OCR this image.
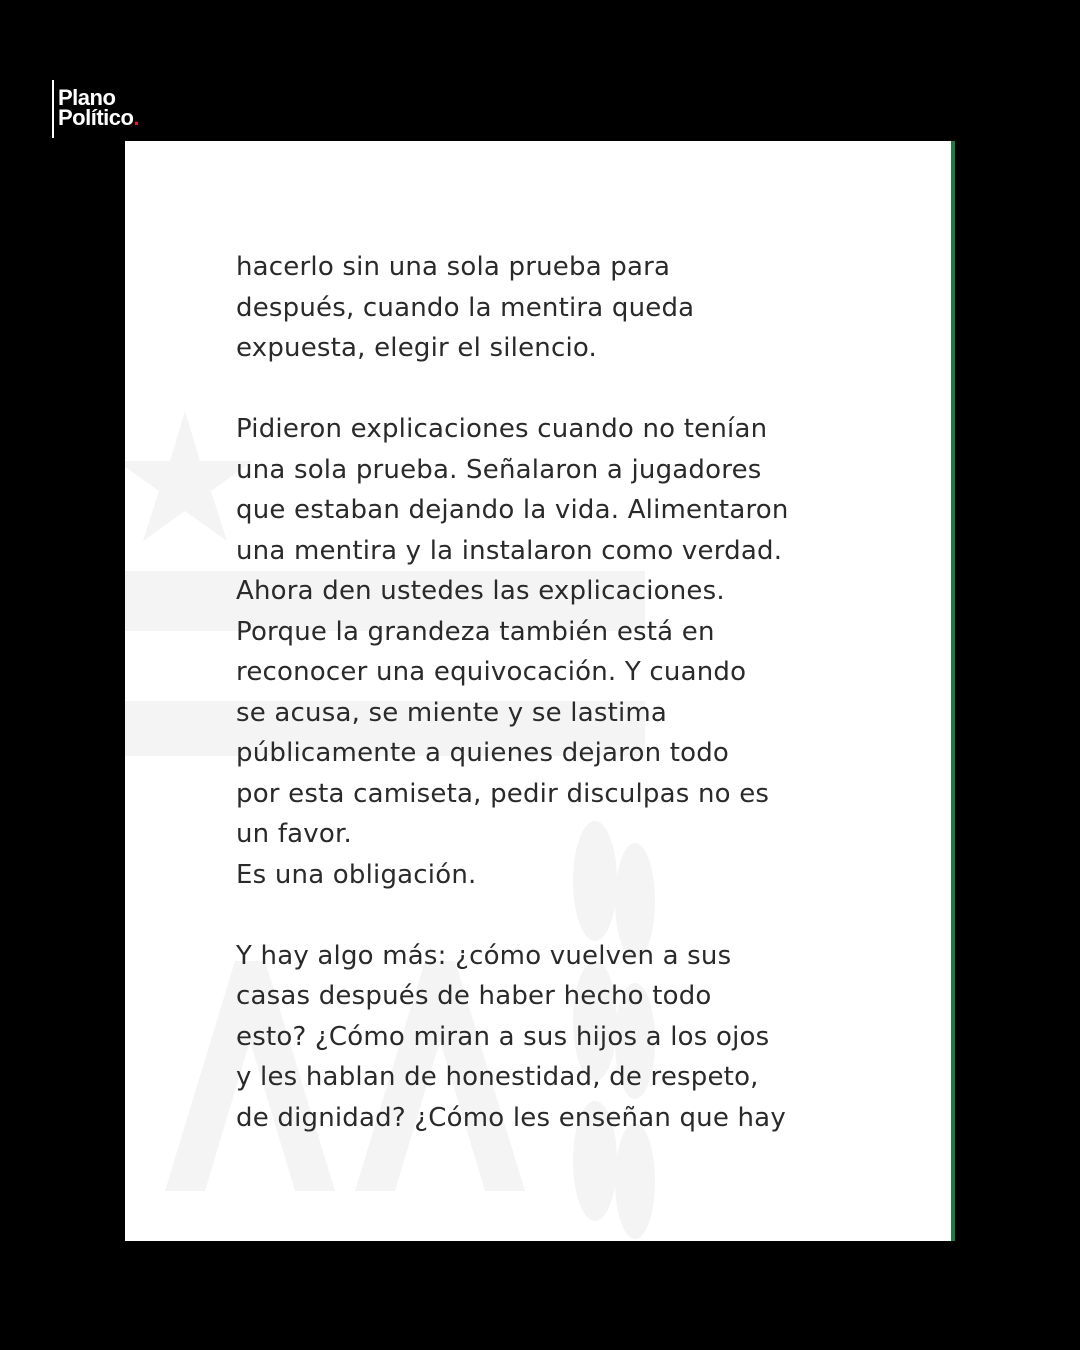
Plano
Político.
hacerlo sin una sola prueba para
después, cuando la mentira queda
expuesta, elegir el silencio.
Pidieron explicaciones cuando no tenían
una sola prueba. Señalaron a jugadores
que estaban dejando la vida. Alimentaron
una mentira y la instalaron como verdad.
Ahora den ustedes las explicaciones.
Porque la grandeza también está en
reconocer una equivocación. Y cuando
se acusa, se miente y se lastima
públicamente a quienes dejaron todo
por esta camiseta, pedir disculpas no es
un favor.
Es una obligación.
Y hay algo más: ¿cómo vuelven a sus
casas después de haber hecho todo
esto? ¿Cómo miran a sus hijos a los ojos
y les hablan de honestidad, de respeto,
de dignidad? ¿Cómo les enseñan que hay
